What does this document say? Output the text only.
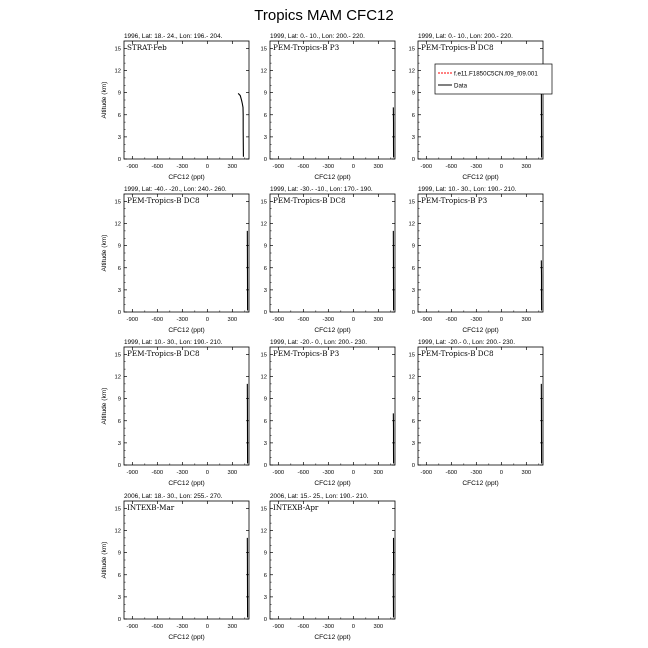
Tropics MAM CFC12
1996, Lat: 18.- 24., Lon: 196.- 204.
STRAT-Feb
-900 -600 -300	0	300
0
3
6
9
12
15
CFC12 (ppt)
Altitude (km)
1999, Lat: 0.- 10., Lon: 200.- 220.
PEM-Tropics-B P3
-900 -600 -300	0	300
0
3
6
9
12
15
CFC12 (ppt)
1999, Lat: 0.- 10., Lon: 200.- 220.
PEM-Tropics-B DC8
-900 -600 -300	0	300
0
3
6
9
12
15
CFC12 (ppt)
f.e11.F1850C5CN.f09_f09.001
Data
1999, Lat: -40.- -20., Lon: 240.- 260.
PEM-Tropics-B DC8
-900 -600 -300	0	300
0
3
6
9
12
15
CFC12 (ppt)
Altitude (km)
1999, Lat: -30.- -10., Lon: 170.- 190.
PEM-Tropics-B DC8
-900 -600 -300	0	300
0
3
6
9
12
15
CFC12 (ppt)
1999, Lat: 10.- 30., Lon: 190.- 210.
PEM-Tropics-B P3
-900 -600 -300	0	300
0
3
6
9
12
15
CFC12 (ppt)
1999, Lat: 10.- 30., Lon: 190.- 210.
PEM-Tropics-B DC8
-900 -600 -300	0	300
0
3
6
9
12
15
CFC12 (ppt)
Altitude (km)
1999, Lat: -20.- 0., Lon: 200.- 230.
PEM-Tropics-B P3
-900 -600 -300	0	300
0
3
6
9
12
15
CFC12 (ppt)
1999, Lat: -20.- 0., Lon: 200.- 230.
PEM-Tropics-B DC8
-900 -600 -300	0	300
0
3
6
9
12
15
CFC12 (ppt)
2006, Lat: 18.- 30., Lon: 255.- 270.
INTEXB-Mar
-900 -600 -300	0	300
0
3
6
9
12
15
CFC12 (ppt)
Altitude (km)
2006, Lat: 15.- 25., Lon: 190.- 210.
INTEXB-Apr
-900 -600 -300	0	300
0
3
6
9
12
15
CFC12 (ppt)
